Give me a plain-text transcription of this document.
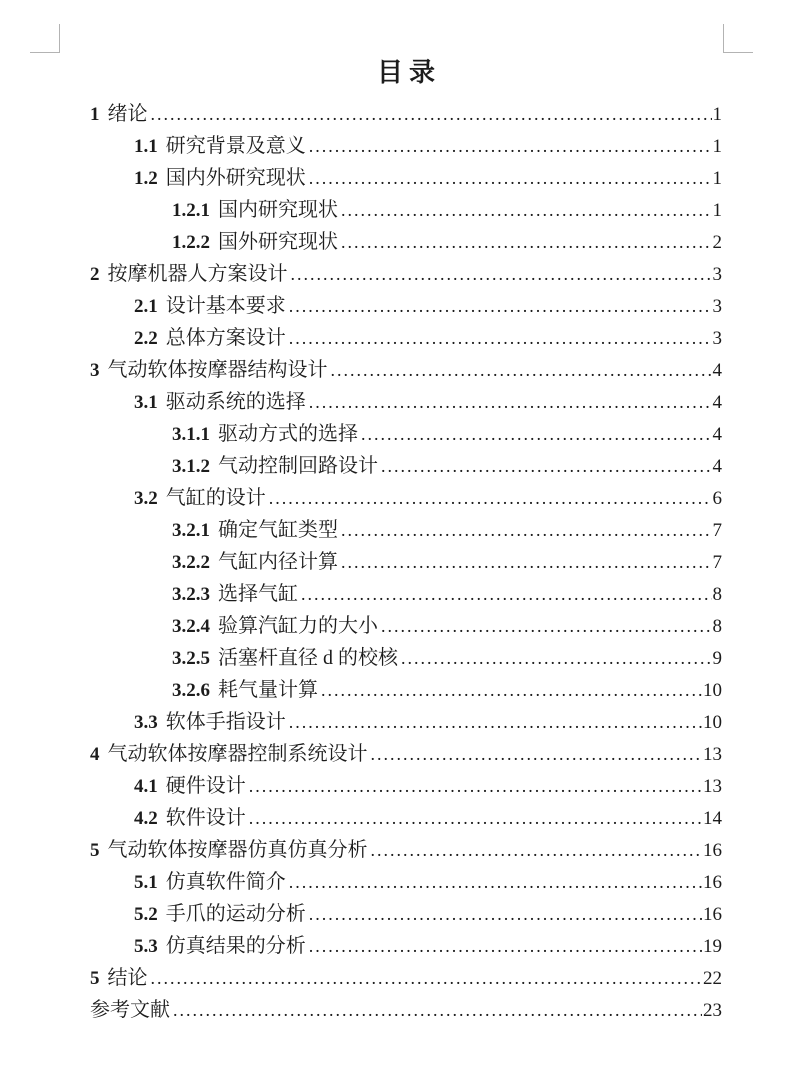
目录
1 绪论 .....	1
1.1 研究背景及意义 .....	1
1.2 国内外研究现状 .....	1
1.2.1 国内研究现状 .....	1
1.2.2 国外研究现状 .....	2
2 按摩机器人方案设计 .....	3
2.1 设计基本要求 .....	3
2.2 总体方案设计 .....	3
3 气动软体按摩器结构设计 .....	4
3.1 驱动系统的选择 .....	4
3.1.1 驱动方式的选择 .....	4
3.1.2 气动控制回路设计 .....	4
3.2 气缸的设计 .....	6
3.2.1 确定气缸类型 .....	7
3.2.2 气缸内径计算 .....	7
3.2.3 选择气缸 .....	8
3.2.4 验算汽缸力的大小 .....	8
3.2.5 活塞杆直径 d 的校核 .....	9
3.2.6 耗气量计算 .....	10
3.3 软体手指设计 .....	10
4 气动软体按摩器控制系统设计 .....	13
4.1 硬件设计 .....	13
4.2 软件设计 .....	14
5 气动软体按摩器仿真仿真分析 .....	16
5.1 仿真软件简介 .....	16
5.2 手爪的运动分析 .....	16
5.3 仿真结果的分析 .....	19
5 结论 .....	22
参考文献 .....	23
